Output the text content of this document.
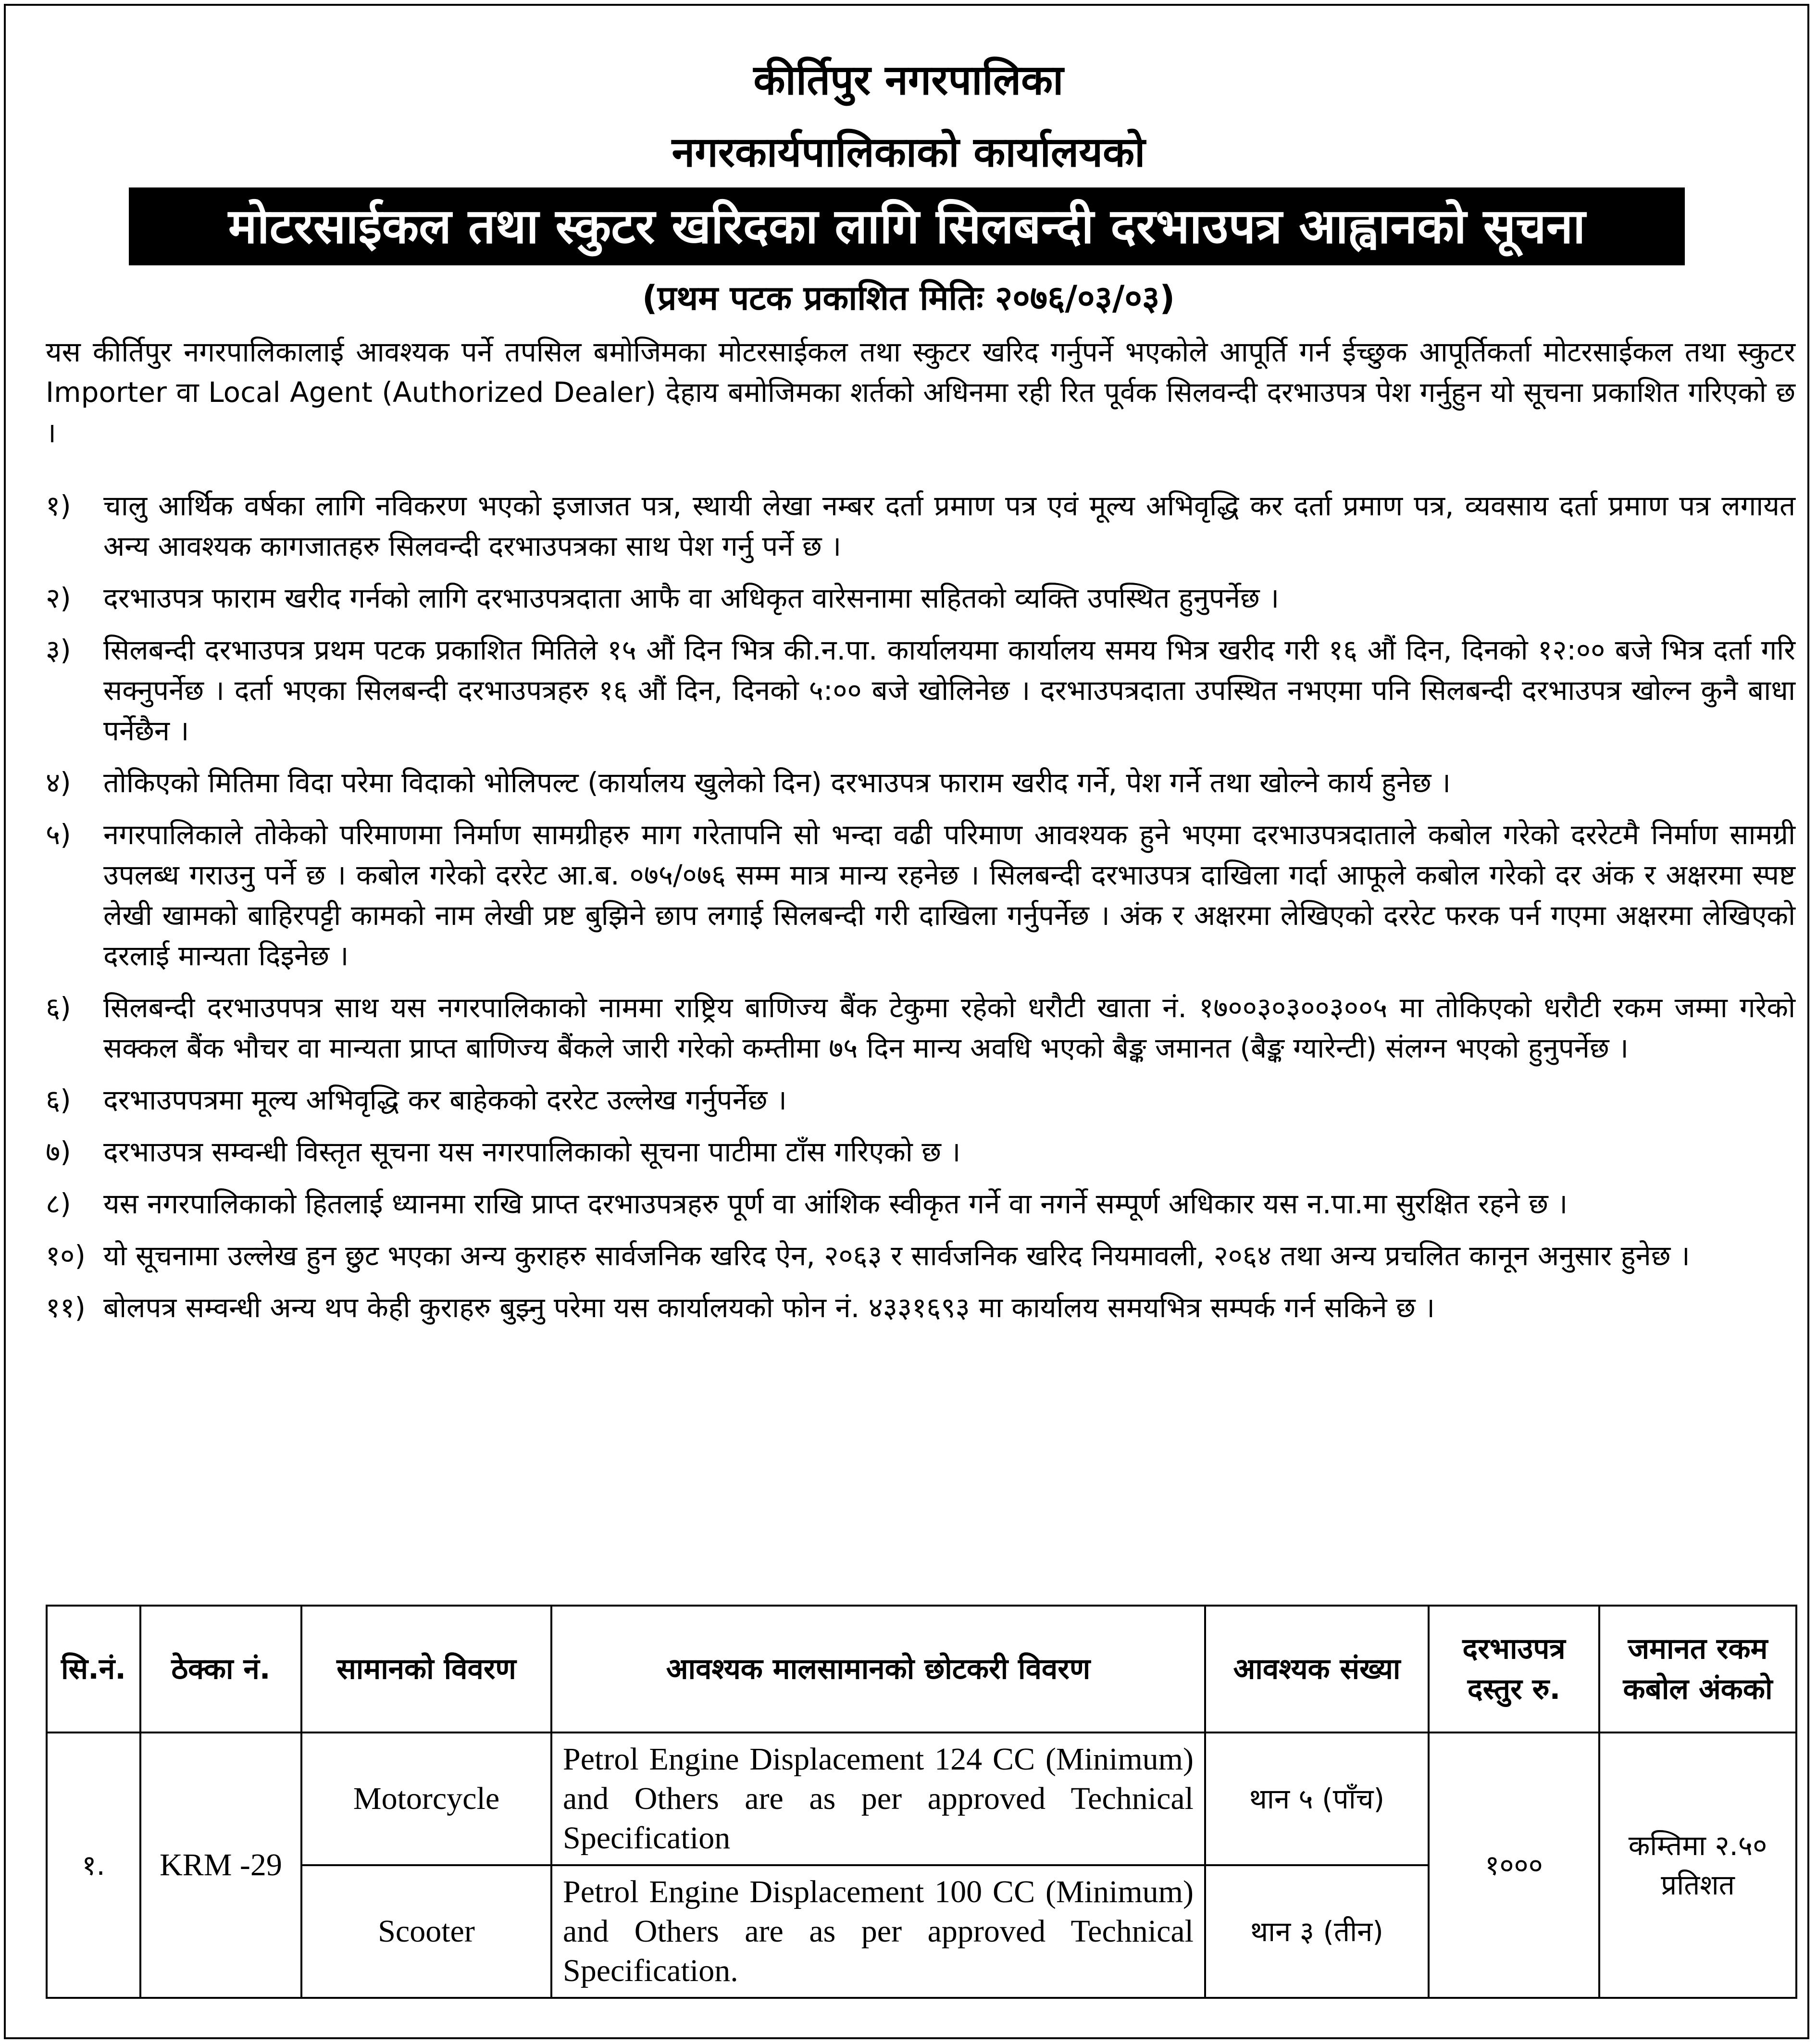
कीर्तिपुर नगरपालिका
नगरकार्यपालिकाको कार्यालयको
मोटरसाईकल तथा स्कुटर खरिदका लागि सिलबन्दी दरभाउपत्र आह्वानको सूचना
(प्रथम पटक प्रकाशित मितिः २०७६/०३/०३)
यस कीर्तिपुर नगरपालिकालाई आवश्यक पर्ने तपसिल बमोजिमका मोटरसाईकल तथा स्कुटर खरिद गर्नुपर्ने भएकोले आपूर्ति गर्न ईच्छुक आपूर्तिकर्ता मोटरसाईकल तथा स्कुटर Importer वा Local Agent (Authorized Dealer) देहाय बमोजिमका शर्तको अधिनमा रही रित पूर्वक सिलवन्दी दरभाउपत्र पेश गर्नुहुन यो सूचना प्रकाशित गरिएको छ ।
१)	चालु आर्थिक वर्षका लागि नविकरण भएको इजाजत पत्र, स्थायी लेखा नम्बर दर्ता प्रमाण पत्र एवं मूल्य अभिवृद्धि कर दर्ता प्रमाण पत्र, व्यवसाय दर्ता प्रमाण पत्र लगायत अन्य आवश्यक कागजातहरु सिलवन्दी दरभाउपत्रका साथ पेश गर्नु पर्ने छ ।
२)	दरभाउपत्र फाराम खरीद गर्नको लागि दरभाउपत्रदाता आफै वा अधिकृत वारेसनामा सहितको व्यक्ति उपस्थित हुनुपर्नेछ ।
३)	सिलबन्दी दरभाउपत्र प्रथम पटक प्रकाशित मितिले १५ औं दिन भित्र की.न.पा. कार्यालयमा कार्यालय समय भित्र खरीद गरी १६ औं दिन, दिनको १२:०० बजे भित्र दर्ता गरि सक्नुपर्नेछ । दर्ता भएका सिलबन्दी दरभाउपत्रहरु १६ औं दिन, दिनको ५:०० बजे खोलिनेछ । दरभाउपत्रदाता उपस्थित नभएमा पनि सिलबन्दी दरभाउपत्र खोल्न कुनै बाधा पर्नेछैन ।
४)	तोकिएको मितिमा विदा परेमा विदाको भोलिपल्ट (कार्यालय खुलेको दिन) दरभाउपत्र फाराम खरीद गर्ने, पेश गर्ने तथा खोल्ने कार्य हुनेछ ।
५)	नगरपालिकाले तोकेको परिमाणमा निर्माण सामग्रीहरु माग गरेतापनि सो भन्दा वढी परिमाण आवश्यक हुने भएमा दरभाउपत्रदाताले कबोल गरेको दररेटमै निर्माण सामग्री उपलब्ध गराउनु पर्ने छ । कबोल गरेको दररेट आ.ब. ०७५/०७६ सम्म मात्र मान्य रहनेछ । सिलबन्दी दरभाउपत्र दाखिला गर्दा आफूले कबोल गरेको दर अंक र अक्षरमा स्पष्ट लेखी खामको बाहिरपट्टी कामको नाम लेखी प्रष्ट बुझिने छाप लगाई सिलबन्दी गरी दाखिला गर्नुपर्नेछ । अंक र अक्षरमा लेखिएको दररेट फरक पर्न गएमा अक्षरमा लेखिएको दरलाई मान्यता दिइनेछ ।
६)	सिलबन्दी दरभाउपपत्र साथ यस नगरपालिकाको नाममा राष्ट्रिय बाणिज्य बैंक टेकुमा रहेको धरौटी खाता नं. १७००३०३००३००५ मा तोकिएको धरौटी रकम जम्मा गरेको सक्कल बैंक भौचर वा मान्यता प्राप्त बाणिज्य बैंकले जारी गरेको कम्तीमा ७५ दिन मान्य अवधि भएको बैङ्क जमानत (बैङ्क ग्यारेन्टी) संलग्न भएको हुनुपर्नेछ ।
६)	दरभाउपपत्रमा मूल्य अभिवृद्धि कर बाहेकको दररेट उल्लेख गर्नुपर्नेछ ।
७)	दरभाउपत्र सम्वन्धी विस्तृत सूचना यस नगरपालिकाको सूचना पाटीमा टाँस गरिएको छ ।
८)	यस नगरपालिकाको हितलाई ध्यानमा राखि प्राप्त दरभाउपत्रहरु पूर्ण वा आंशिक स्वीकृत गर्ने वा नगर्ने सम्पूर्ण अधिकार यस न.पा.मा सुरक्षित रहने छ ।
१०) यो सूचनामा उल्लेख हुन छुट भएका अन्य कुराहरु सार्वजनिक खरिद ऐन, २०६३ र सार्वजनिक खरिद नियमावली, २०६४ तथा अन्य प्रचलित कानून अनुसार हुनेछ ।
११) बोलपत्र सम्वन्धी अन्य थप केही कुराहरु बुझ्नु परेमा यस कार्यालयको फोन नं. ४३३१६९३ मा कार्यालय समयभित्र सम्पर्क गर्न सकिने छ ।
सि.नं.	ठेक्का नं.	सामानको विवरण	आवश्यक मालसामानको छोटकरी विवरण	आवश्यक संख्या	दरभाउपत्र दस्तुर रु.	जमानत रकम कबोल अंकको
१.	KRM -29	Motorcycle	Petrol Engine Displacement 124 CC (Minimum) and Others are as per approved Technical Specification	थान ५ (पाँच)	१०००	कम्तिमा २.५० प्रतिशत
		Scooter	Petrol Engine Displacement 100 CC (Minimum) and Others are as per approved Technical Specification.	थान ३ (तीन)		
